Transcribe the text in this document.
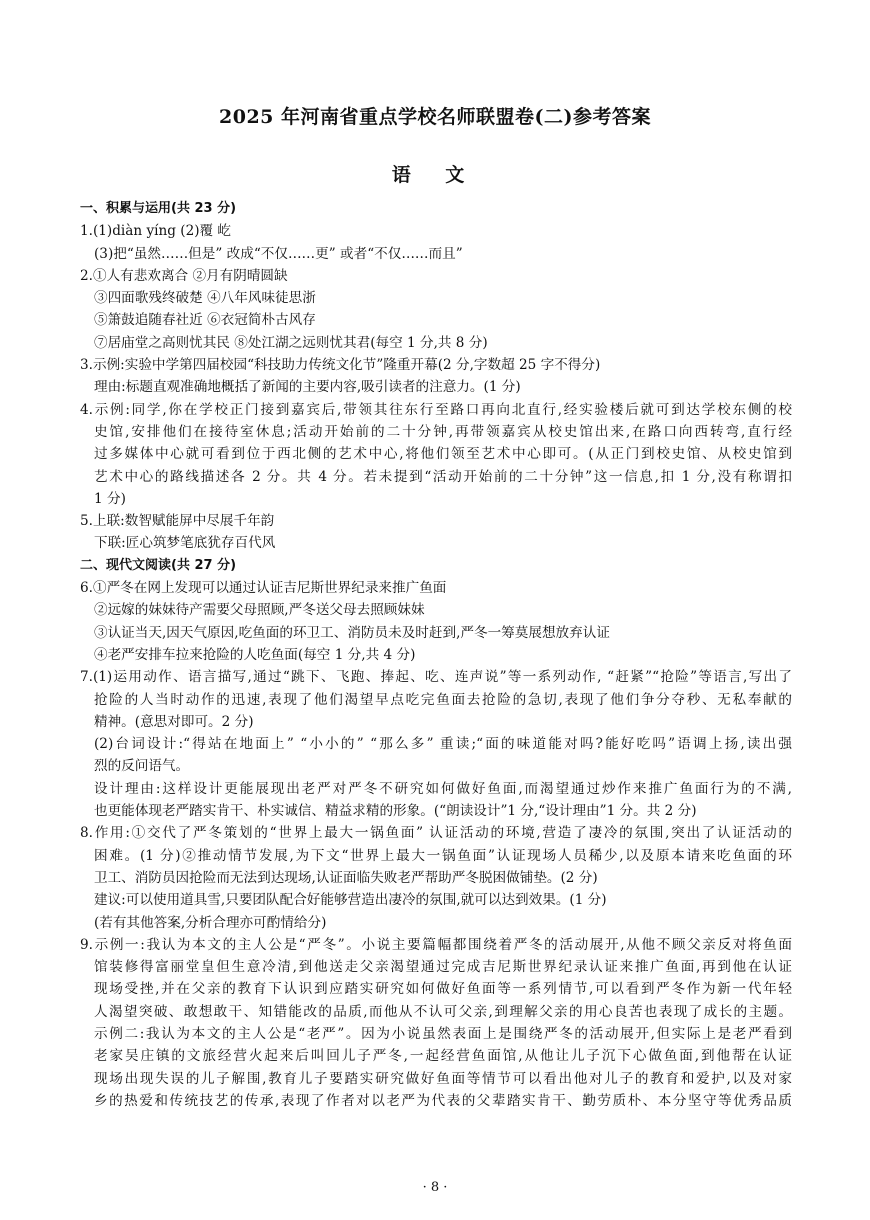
2025 年河南省重点学校名师联盟卷(二)参考答案
语 文
一、积累与运用(共 23 分)
1.(1)diàn yíng (2)覆 屹
(3)把“虽然……但是” 改成“不仅……更” 或者“不仅……而且”
2.①人有悲欢离合 ②月有阴晴圆缺
③四面歌残终破楚 ④八年风味徒思浙
⑤箫鼓追随春社近 ⑥衣冠简朴古风存
⑦居庙堂之高则忧其民 ⑧处江湖之远则忧其君(每空 1 分,共 8 分)
3.示例:实验中学第四届校园“科技助力传统文化节”隆重开幕(2 分,字数超 25 字不得分)
理由:标题直观准确地概括了新闻的主要内容,吸引读者的注意力。(1 分)
4.示例:同学,你在学校正门接到嘉宾后,带领其往东行至路口再向北直行,经实验楼后就可到达学校东侧的校
史馆,安排他们在接待室休息;活动开始前的二十分钟,再带领嘉宾从校史馆出来,在路口向西转弯,直行经
过多媒体中心就可看到位于西北侧的艺术中心,将他们领至艺术中心即可。(从正门到校史馆、从校史馆到
艺术中心的路线描述各 2 分。共 4 分。若未提到“活动开始前的二十分钟”这一信息,扣 1 分,没有称谓扣
1 分)
5.上联:数智赋能屏中尽展千年韵
下联:匠心筑梦笔底犹存百代风
二、现代文阅读(共 27 分)
6.①严冬在网上发现可以通过认证吉尼斯世界纪录来推广鱼面
②远嫁的妹妹待产需要父母照顾,严冬送父母去照顾妹妹
③认证当天,因天气原因,吃鱼面的环卫工、消防员未及时赶到,严冬一筹莫展想放弃认证
④老严安排车拉来抢险的人吃鱼面(每空 1 分,共 4 分)
7.(1)运用动作、语言描写,通过“跳下、飞跑、捧起、吃、连声说”等一系列动作, “赶紧”“抢险”等语言,写出了
抢险的人当时动作的迅速,表现了他们渴望早点吃完鱼面去抢险的急切,表现了他们争分夺秒、无私奉献的
精神。(意思对即可。2 分)
(2)台词设计:“得站在地面上” “小小的” “那么多” 重读;“面的味道能对吗?能好吃吗”语调上扬,读出强
烈的反问语气。
设计理由:这样设计更能展现出老严对严冬不研究如何做好鱼面,而渴望通过炒作来推广鱼面行为的不满,
也更能体现老严踏实肯干、朴实诚信、精益求精的形象。(“朗读设计”1 分,“设计理由”1 分。共 2 分)
8.作用:①交代了严冬策划的“世界上最大一锅鱼面” 认证活动的环境,营造了凄冷的氛围,突出了认证活动的
困难。(1 分)②推动情节发展,为下文“世界上最大一锅鱼面”认证现场人员稀少,以及原本请来吃鱼面的环
卫工、消防员因抢险而无法到达现场,认证面临失败老严帮助严冬脱困做铺垫。(2 分)
建议:可以使用道具雪,只要团队配合好能够营造出凄冷的氛围,就可以达到效果。(1 分)
(若有其他答案,分析合理亦可酌情给分)
9.示例一:我认为本文的主人公是“严冬”。小说主要篇幅都围绕着严冬的活动展开,从他不顾父亲反对将鱼面
馆装修得富丽堂皇但生意冷清,到他送走父亲渴望通过完成吉尼斯世界纪录认证来推广鱼面,再到他在认证
现场受挫,并在父亲的教育下认识到应踏实研究如何做好鱼面等一系列情节,可以看到严冬作为新一代年轻
人渴望突破、敢想敢干、知错能改的品质,而他从不认可父亲,到理解父亲的用心良苦也表现了成长的主题。
示例二:我认为本文的主人公是“老严”。因为小说虽然表面上是围绕严冬的活动展开,但实际上是老严看到
老家吴庄镇的文旅经营火起来后叫回儿子严冬,一起经营鱼面馆,从他让儿子沉下心做鱼面,到他帮在认证
现场出现失误的儿子解围,教育儿子要踏实研究做好鱼面等情节可以看出他对儿子的教育和爱护,以及对家
乡的热爱和传统技艺的传承,表现了作者对以老严为代表的父辈踏实肯干、勤劳质朴、本分坚守等优秀品质
· 8 ·
